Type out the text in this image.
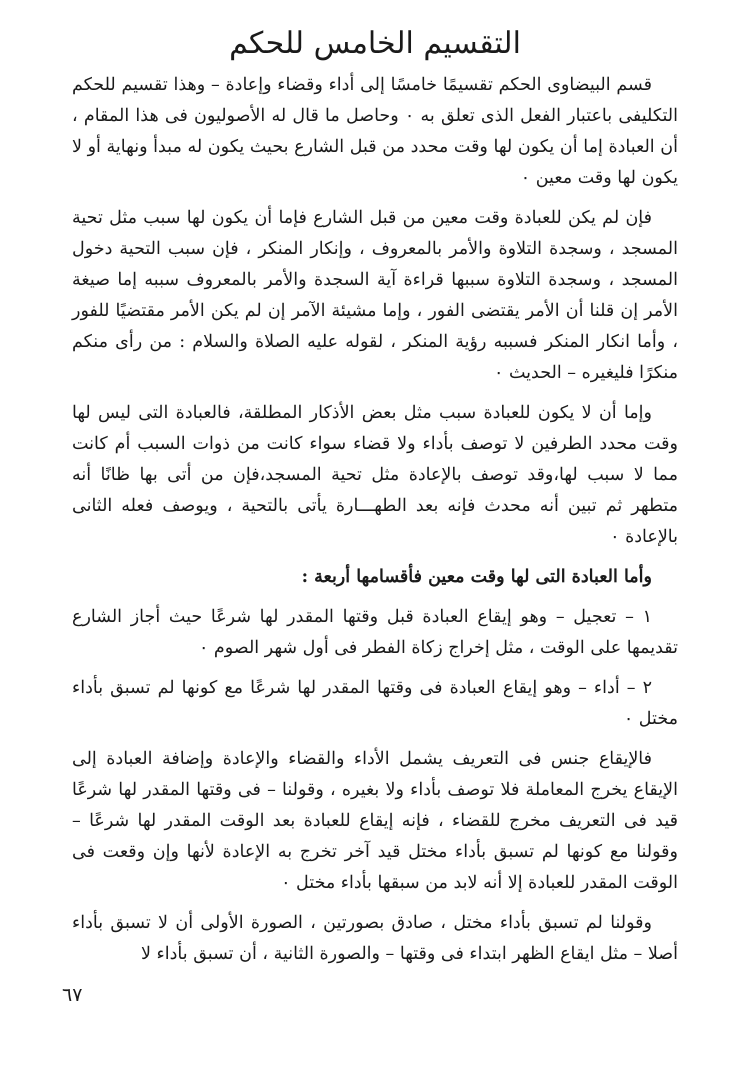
التقسيم الخامس للحكم

قسم البيضاوى الحكم تقسيمًا خامسًا إلى أداء وقضاء وإعادة – وهذا تقسيم للحكم التكليفى باعتبار الفعل الذى تعلق به ٠ وحاصل ما قال له الأصوليون فى هذا المقام ، أن العبادة إما أن يكون لها وقت محدد من قبل الشارع بحيث يكون له مبدأ ونهاية أو لا يكون لها وقت معين ٠

فإن لم يكن للعبادة وقت معين من قبل الشارع فإما أن يكون لها سبب مثل تحية المسجد ، وسجدة التلاوة والأمر بالمعروف ، وإنكار المنكر ، فإن سبب التحية دخول المسجد ، وسجدة التلاوة سببها قراءة آية السجدة والأمر بالمعروف سببه إما صيغة الأمر إن قلنا أن الأمر يقتضى الفور ، وإما مشيئة الآمر إن لم يكن الأمر مقتضيًا للفور ، وأما انكار المنكر فسببه رؤية المنكر ، لقوله عليه الصلاة والسلام : من رأى منكم منكرًا فليغيره – الحديث ٠

وإما أن لا يكون للعبادة سبب مثل بعض الأذكار المطلقة، فالعبادة التى ليس لها وقت محدد الطرفين لا توصف بأداء ولا قضاء سواء كانت من ذوات السبب أم كانت مما لا سبب لها،وقد توصف بالإعادة مثل تحية المسجد،فإن من أتى بها ظانًا أنه متطهر ثم تبين أنه محدث فإنه بعد الطهـــارة يأتى بالتحية ، ويوصف فعله الثانى بالإعادة ٠

وأما العبادة التى لها وقت معين فأقسامها أربعة :

١ – تعجيل – وهو إيقاع العبادة قبل وقتها المقدر لها شرعًا حيث أجاز الشارع تقديمها على الوقت ، مثل إخراج زكاة الفطر فى أول شهر الصوم ٠

٢ – أداء – وهو إيقاع العبادة فى وقتها المقدر لها شرعًا مع كونها لم تسبق بأداء مختل ٠

فالإيقاع جنس فى التعريف يشمل الأداء والقضاء والإعادة وإضافة العبادة إلى الإيقاع يخرج المعاملة فلا توصف بأداء ولا بغيره ، وقولنا – فى وقتها المقدر لها شرعًا قيد فى التعريف مخرج للقضاء ، فإنه إيقاع للعبادة بعد الوقت المقدر لها شرعًا – وقولنا مع كونها لم تسبق بأداء مختل قيد آخر تخرج به الإعادة لأنها وإن وقعت فى الوقت المقدر للعبادة إلا أنه لابد من سبقها بأداء مختل ٠

وقولنا لم تسبق بأداء مختل ، صادق بصورتين ، الصورة الأولى أن لا تسبق بأداء أصلا – مثل ايقاع الظهر ابتداء فى وقتها – والصورة الثانية ، أن تسبق بأداء لا

٦٧
